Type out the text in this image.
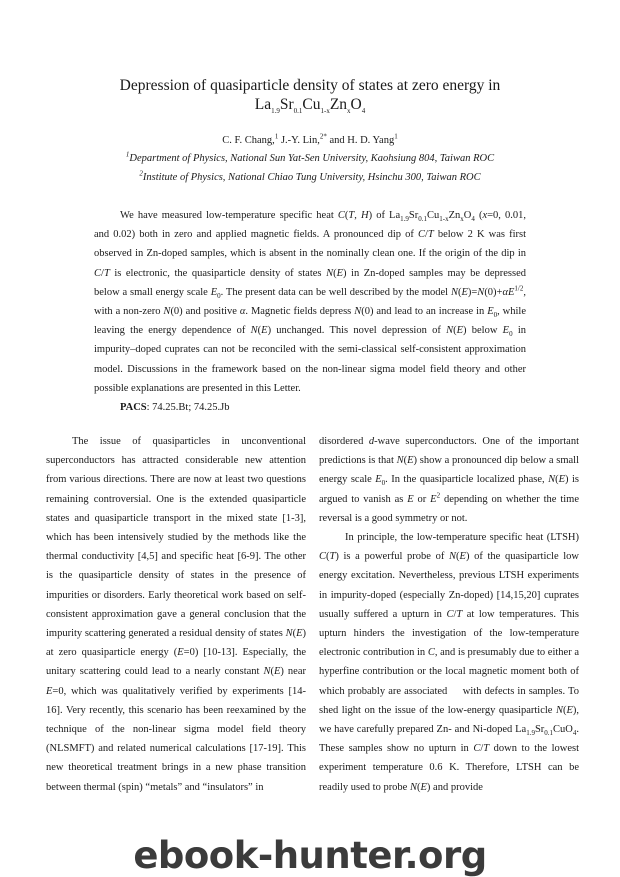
Depression of quasiparticle density of states at zero energy in
$La_{1.9}Sr_{0.1}Cu_{1-x}Zn_xO_4$
C. F. Chang,$^1$ J.-Y. Lin,$^{2*}$ and H. D. Yang$^1$
$^1$Department of Physics, National Sun Yat-Sen University, Kaohsiung 804, Taiwan ROC
$^2$Institute of Physics, National Chiao Tung University, Hsinchu 300, Taiwan ROC

We have measured low-temperature specific heat C(T, H) of $La_{1.9}Sr_{0.1}Cu_{1-x}Zn_xO_4$ (x=0, 0.01, and 0.02) both in zero and applied magnetic fields. A pronounced dip of C/T below 2 K was first observed in Zn-doped samples, which is absent in the nominally clean one. If the origin of the dip in C/T is electronic, the quasiparticle density of states N(E) in Zn-doped samples may be depressed below a small energy scale $E_0$. The present data can be well described by the model $N(E)=N(0)+\alpha E^{1/2}$, with a non-zero N(0) and positive α. Magnetic fields depress N(0) and lead to an increase in $E_0$, while leaving the energy dependence of N(E) unchanged. This novel depression of N(E) below $E_0$ in impurity–doped cuprates can not be reconciled with the semi-classical self-consistent approximation model. Discussions in the framework based on the non-linear sigma model field theory and other possible explanations are presented in this Letter.

PACS: 74.25.Bt; 74.25.Jb

The issue of quasiparticles in unconventional superconductors has attracted considerable new attention from various directions. There are now at least two questions remaining controversial. One is the extended quasiparticle states and quasiparticle transport in the mixed state [1-3], which has been intensively studied by the methods like the thermal conductivity [4,5] and specific heat [6-9]. The other is the quasiparticle density of states in the presence of impurities or disorders. Early theoretical work based on self-consistent approximation gave a general conclusion that the impurity scattering generated a residual density of states N(E) at zero quasiparticle energy (E=0) [10-13]. Especially, the unitary scattering could lead to a nearly constant N(E) near E=0, which was qualitatively verified by experiments [14-16]. Very recently, this scenario has been reexamined by the technique of the non-linear sigma model field theory (NLSMFT) and related numerical calculations [17-19]. This new theoretical treatment brings in a new phase transition between thermal (spin) “metals” and “insulators” in

disordered d-wave superconductors. One of the important predictions is that N(E) show a pronounced dip below a small energy scale $E_0$. In the quasiparticle localized phase, N(E) is argued to vanish as E or $E^2$ depending on whether the time reversal is a good symmetry or not.

In principle, the low-temperature specific heat (LTSH) C(T) is a powerful probe of N(E) of the quasiparticle low energy excitation. Nevertheless, previous LTSH experiments in impurity-doped (especially Zn-doped) [14,15,20] cuprates usually suffered a upturn in C/T at low temperatures. This upturn hinders the investigation of the low-temperature electronic contribution in C, and is presumably due to either a hyperfine contribution or the local magnetic moment both of which probably are associated     with defects in samples. To shed light on the issue of the low-energy quasiparticle N(E), we have carefully prepared Zn- and Ni-doped $La_{1.9}Sr_{0.1}CuO_4$. These samples show no upturn in C/T down to the lowest experiment temperature 0.6 K. Therefore, LTSH can be readily used to probe N(E) and provide

ebook-hunter.org
